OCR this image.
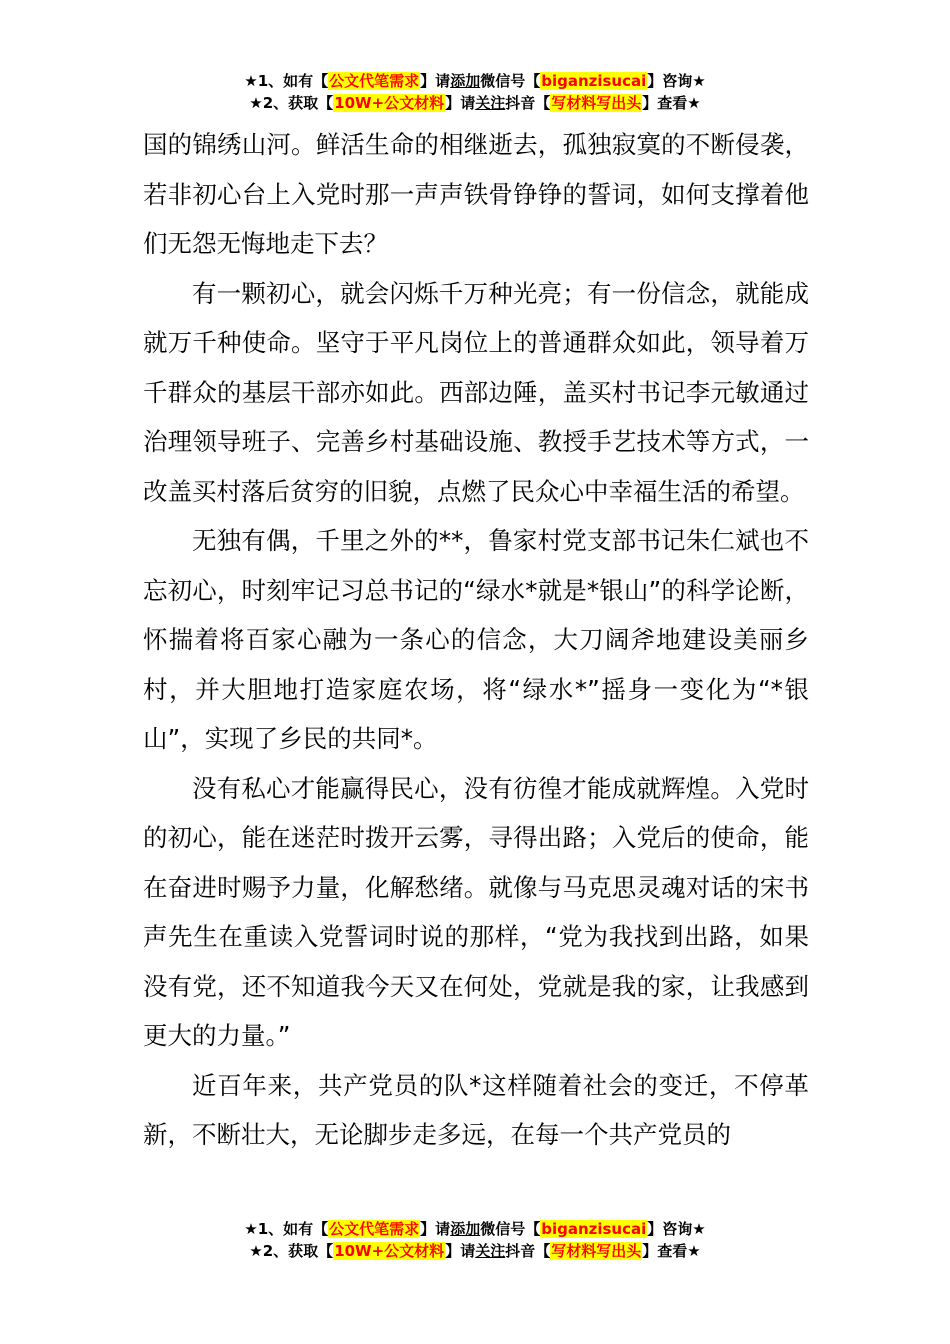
★1、如有【公文代笔需求】请添加微信号【biganzisucai】咨询★
★2、获取【10W+公文材料】请关注抖音【写材料写出头】查看★

国的锦绣山河。鲜活生命的相继逝去，孤独寂寞的不断侵袭，若非初心台上入党时那一声声铁骨铮铮的誓词，如何支撑着他们无怨无悔地走下去？

有一颗初心，就会闪烁千万种光亮；有一份信念，就能成就万千种使命。坚守于平凡岗位上的普通群众如此，领导着万千群众的基层干部亦如此。西部边陲，盖买村书记李元敏通过治理领导班子、完善乡村基础设施、教授手艺技术等方式，一改盖买村落后贫穷的旧貌，点燃了民众心中幸福生活的希望。

无独有偶，千里之外的**，鲁家村党支部书记朱仁斌也不忘初心，时刻牢记习总书记的“绿水*就是*银山”的科学论断，怀揣着将百家心融为一条心的信念，大刀阔斧地建设美丽乡村，并大胆地打造家庭农场，将“绿水*”摇身一变化为“*银山”，实现了乡民的共同*。

没有私心才能赢得民心，没有彷徨才能成就辉煌。入党时的初心，能在迷茫时拨开云雾，寻得出路；入党后的使命，能在奋进时赐予力量，化解愁绪。就像与马克思灵魂对话的宋书声先生在重读入党誓词时说的那样，“党为我找到出路，如果没有党，还不知道我今天又在何处，党就是我的家，让我感到更大的力量。”

近百年来，共产党员的队*这样随着社会的变迁，不停革新，不断壮大，无论脚步走多远，在每一个共产党员的

★1、如有【公文代笔需求】请添加微信号【biganzisucai】咨询★
★2、获取【10W+公文材料】请关注抖音【写材料写出头】查看★
